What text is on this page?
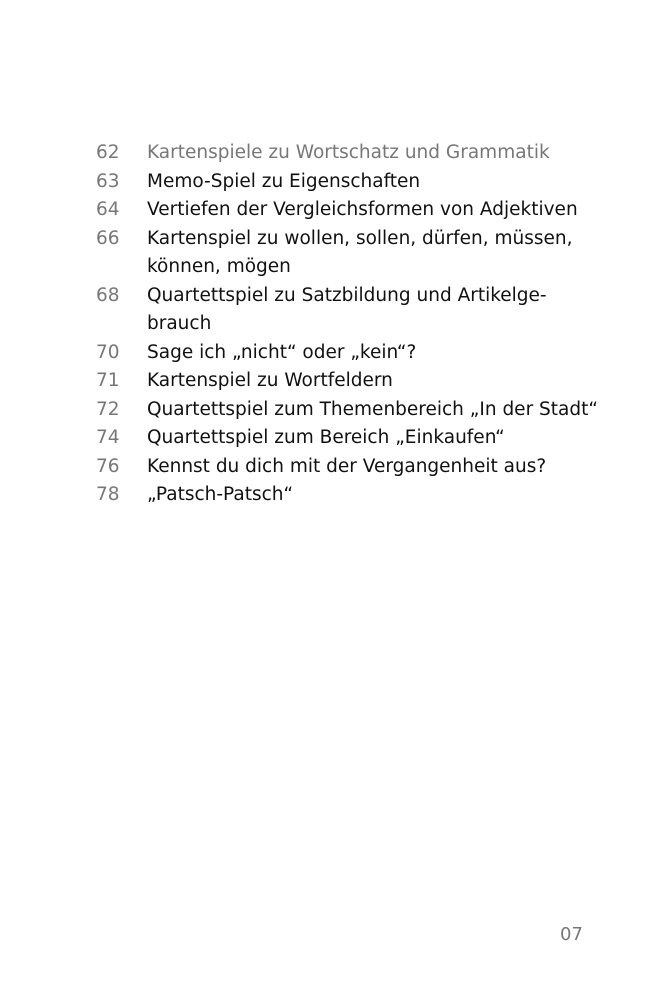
62	Kartenspiele zu Wortschatz und Grammatik
63	Memo-Spiel zu Eigenschaften
64	Vertiefen der Vergleichsformen von Adjektiven
66	Kartenspiel zu wollen, sollen, dürfen, müssen,
können, mögen
68	Quartettspiel zu Satzbildung und Artikelge-
brauch
70	Sage ich „nicht“ oder „kein“?
71	Kartenspiel zu Wortfeldern
72	Quartettspiel zum Themenbereich „In der Stadt“
74	Quartettspiel zum Bereich „Einkaufen“
76	Kennst du dich mit der Vergangenheit aus?
78	„Patsch-Patsch“
07
